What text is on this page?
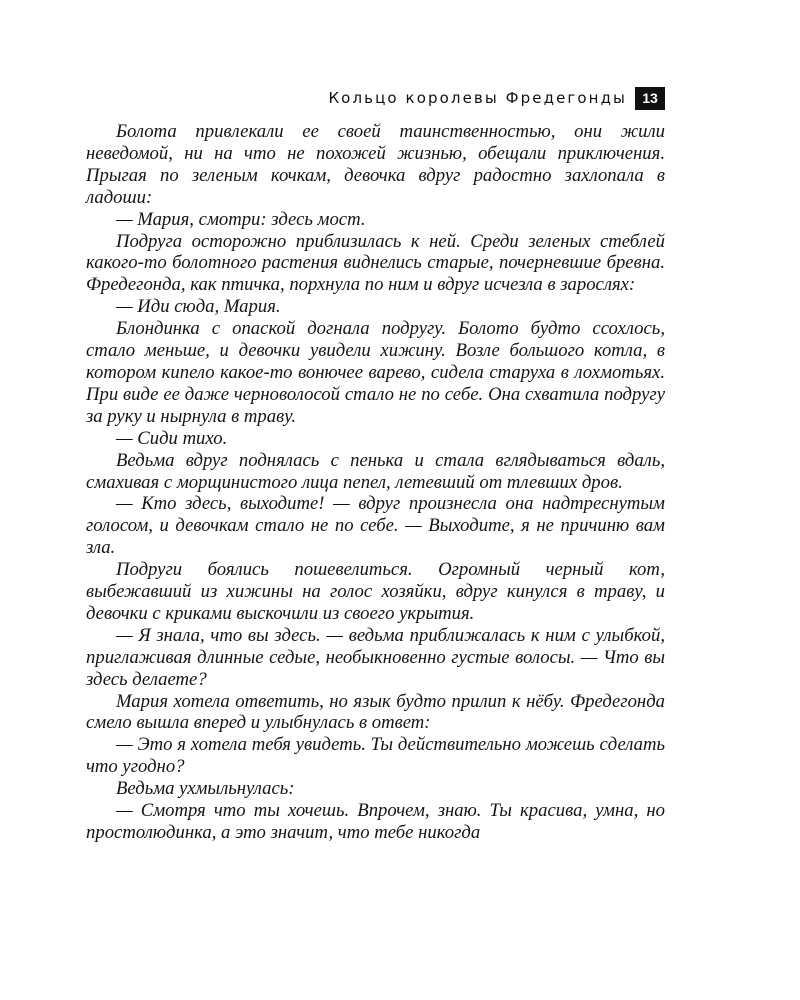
Кольцо королевы Фредегонды	13

Болота привлекали ее своей таинственностью, они жили неведомой, ни на что не похожей жизнью, обещали приключения. Прыгая по зеленым кочкам, девочка вдруг радостно захлопала в ладоши:

— Мария, смотри: здесь мост.

Подруга осторожно приблизилась к ней. Среди зеленых стеблей какого-то болотного растения виднелись старые, почерневшие бревна. Фредегонда, как птичка, порхнула по ним и вдруг исчезла в зарослях:

— Иди сюда, Мария.

Блондинка с опаской догнала подругу. Болото будто ссохлось, стало меньше, и девочки увидели хижину. Возле большого котла, в котором кипело какое-то вонючее варево, сидела старуха в лохмотьях. При виде ее даже черноволосой стало не по себе. Она схватила подругу за руку и нырнула в траву.

— Сиди тихо.

Ведьма вдруг поднялась с пенька и стала вглядываться вдаль, смахивая с морщинистого лица пепел, летевший от тлевших дров.

— Кто здесь, выходите! — вдруг произнесла она надтреснутым голосом, и девочкам стало не по себе. — Выходите, я не причиню вам зла.

Подруги боялись пошевелиться. Огромный черный кот, выбежавший из хижины на голос хозяйки, вдруг кинулся в траву, и девочки с криками выскочили из своего укрытия.

— Я знала, что вы здесь. — ведьма приближалась к ним с улыбкой, приглаживая длинные седые, необыкновенно густые волосы. — Что вы здесь делаете?

Мария хотела ответить, но язык будто прилип к нёбу. Фредегонда смело вышла вперед и улыбнулась в ответ:

— Это я хотела тебя увидеть. Ты действительно можешь сделать что угодно?

Ведьма ухмыльнулась:

— Смотря что ты хочешь. Впрочем, знаю. Ты красива, умна, но простолюдинка, а это значит, что тебе никогда
